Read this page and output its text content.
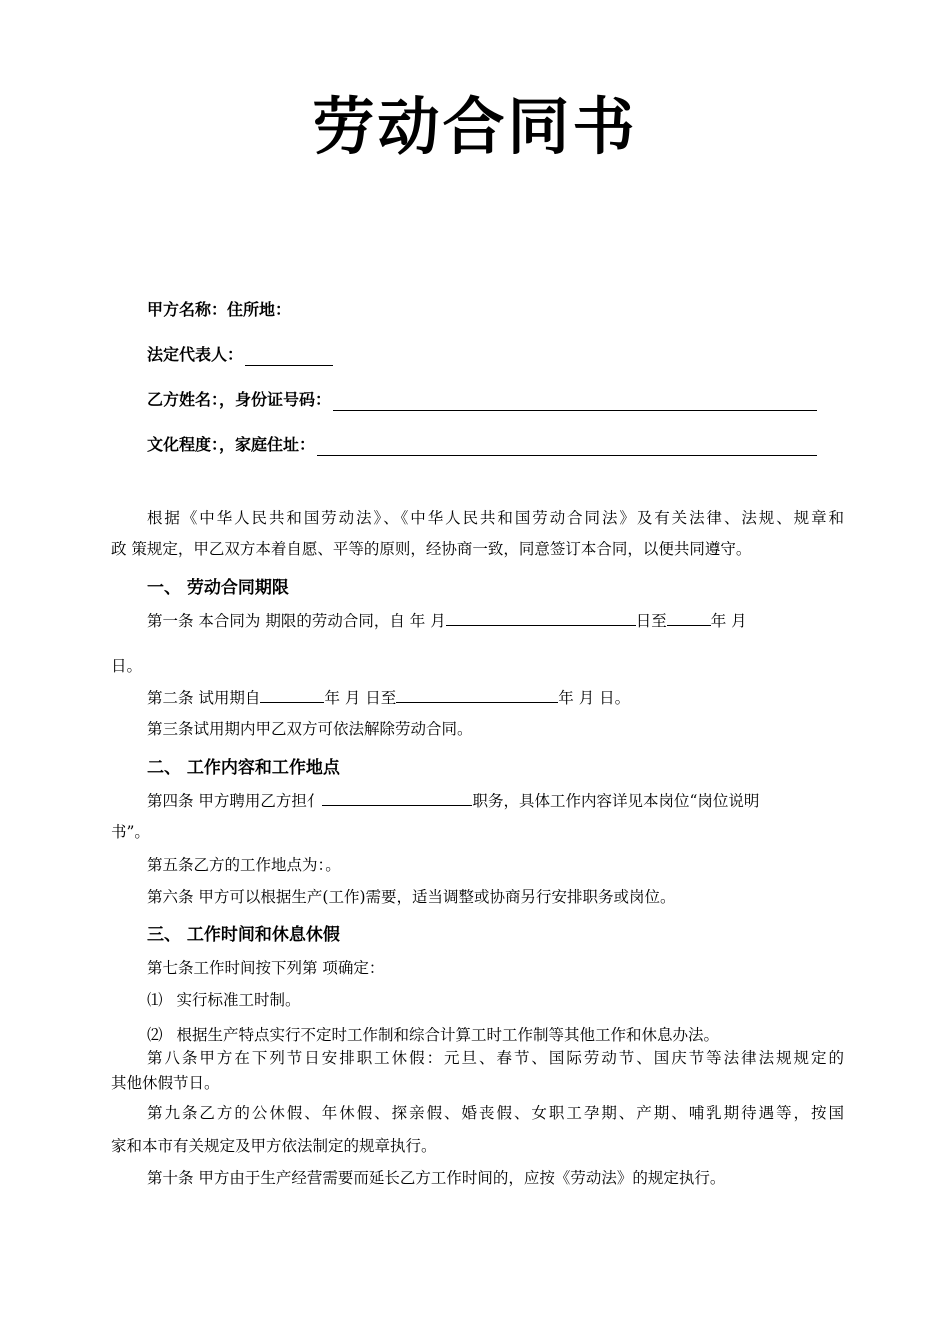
劳动合同书
甲方名称：住所地：
法定代表人：
乙方姓名：，身份证号码：
文化程度：，家庭住址：
根据《中华人民共和国劳动法》、《中华人民共和国劳动合同法》及有关法律、法规、规章和
政 策规定，甲乙双方本着自愿、平等的原则，经协商一致，同意签订本合同，以便共同遵守。
一、 劳动合同期限
第一条 本合同为 期限的劳动合同，自 年 月	日至	年 月
日。
第二条 试用期自	年 月 日至	年 月 日。
第三条试用期内甲乙双方可依法解除劳动合同。
二、 工作内容和工作地点
第四条 甲方聘用乙方担亻	职务，具体工作内容详见本岗位“岗位说明
书”。
第五条乙方的工作地点为：。
第六条 甲方可以根据生产(工作)需要，适当调整或协商另行安排职务或岗位。
三、 工作时间和休息休假
第七条工作时间按下列第 项确定：
⑴ 实行标准工时制。
⑵ 根据生产特点实行不定时工作制和综合计算工时工作制等其他工作和休息办法。
第八条甲方在下列节日安排职工休假：元旦、春节、国际劳动节、国庆节等法律法规规定的
其他休假节日。
第九条乙方的公休假、年休假、探亲假、婚丧假、女职工孕期、产期、哺乳期待遇等，按国
家和本市有关规定及甲方依法制定的规章执行。
第十条 甲方由于生产经营需要而延长乙方工作时间的，应按《劳动法》的规定执行。
